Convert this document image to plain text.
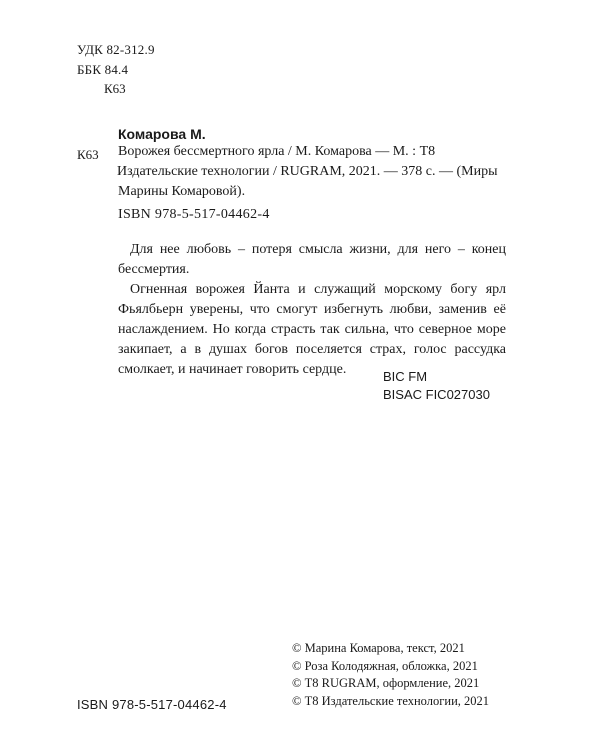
УДК 82-312.9
ББК 84.4
К63
Комарова М.
К63 Ворожея бессмертного ярла / М. Комарова — М. : Т8
Издательские технологии / RUGRAM, 2021. — 378 с. — (Миры
Марины Комаровой).
ISBN 978-5-517-04462-4

Для нее любовь – потеря смысла жизни, для него – конец бессмертия.

Огненная ворожея Йанта и служащий морскому богу ярл Фьялбьерн уверены, что смогут избегнуть любви, заменив её наслаждением. Но когда страсть так сильна, что северное море закипает, а в душах богов поселяется страх, голос рассудка смолкает, и начинает говорить сердце.	BIC FM
BISAC FIC027030
© Марина Комарова, текст, 2021
© Роза Колодяжная, обложка, 2021
© Т8 RUGRAM, оформление, 2021
© Т8 Издательские технологии, 2021
ISBN 978-5-517-04462-4
